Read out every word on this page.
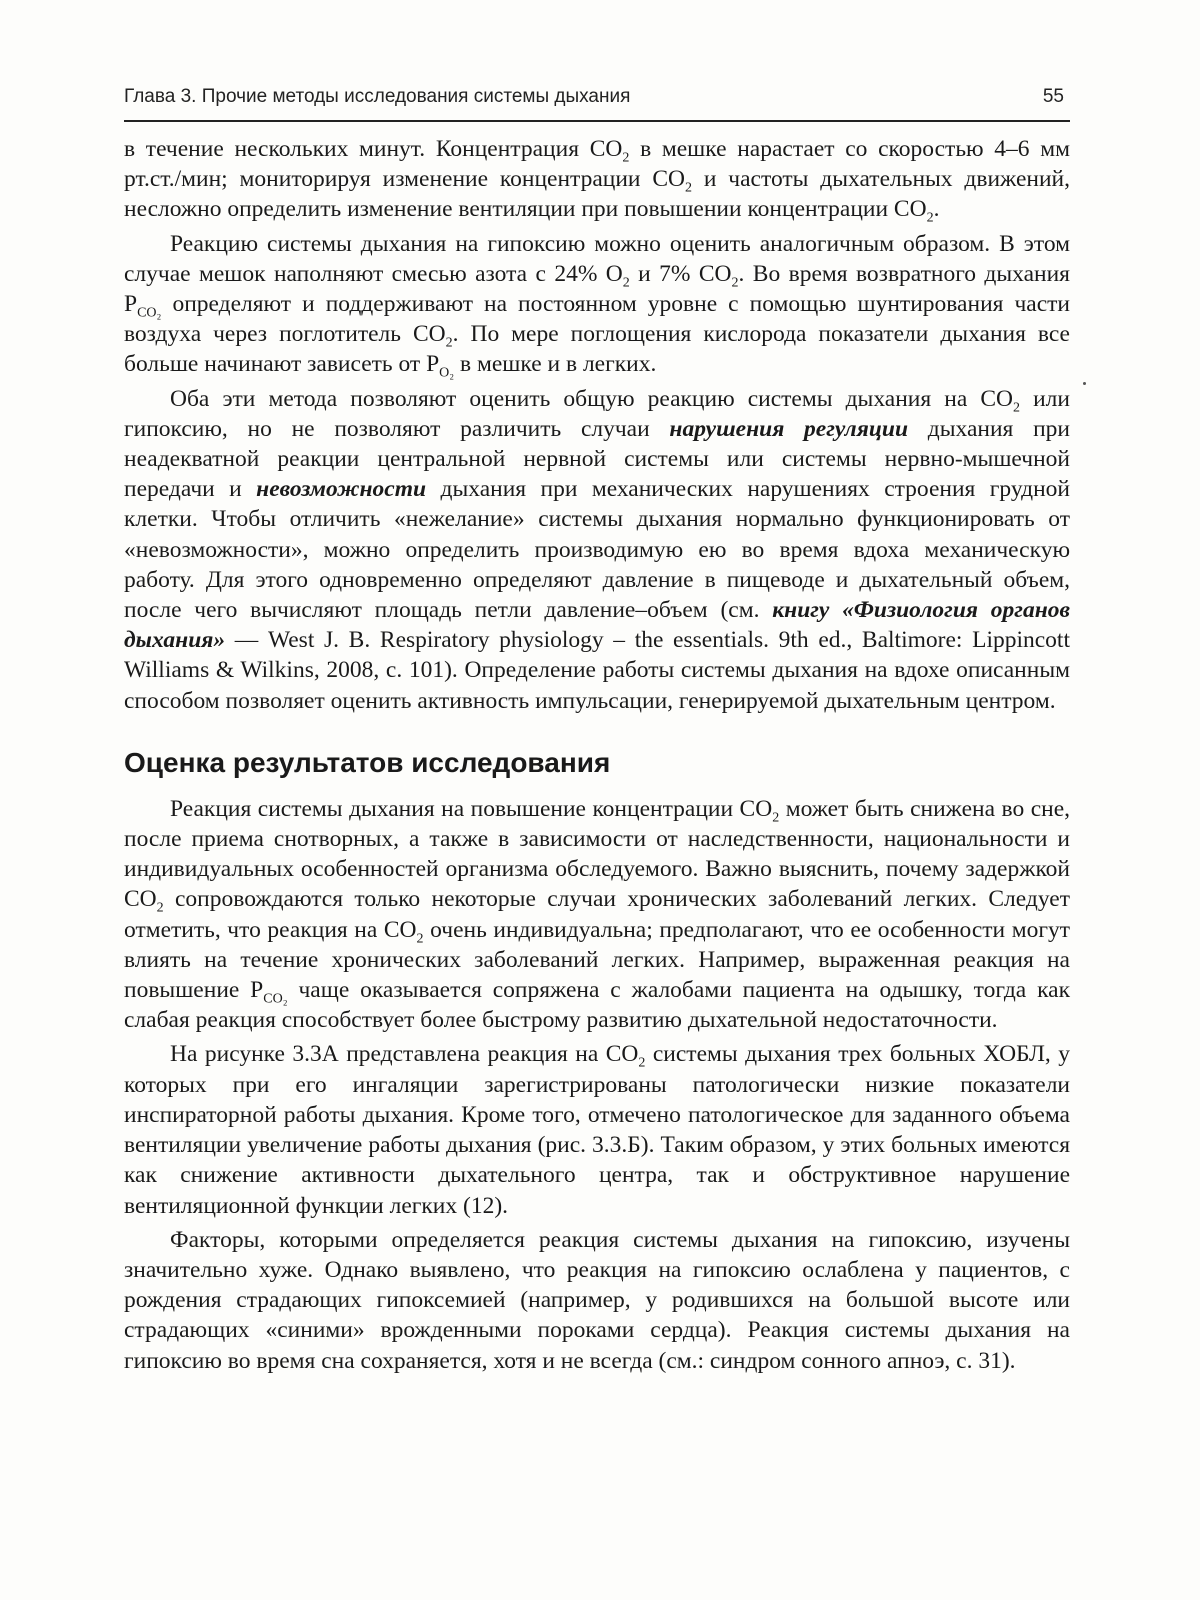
Глава 3. Прочие методы исследования системы дыхания	55

в течение нескольких минут. Концентрация $СО_2$ в мешке нарастает со скоростью 4–6 мм рт.ст./мин; мониторируя изменение концентрации $СО_2$ и частоты дыхательных движений, несложно определить изменение вентиляции при повышении концентрации $СО_2$.

Реакцию системы дыхания на гипоксию можно оценить аналогичным образом. В этом случае мешок наполняют смесью азота с 24% $О_2$ и 7% $СО_2$. Во время возвратного дыхания $Р_{CO_2}$ определяют и поддерживают на постоянном уровне с помощью шунтирования части воздуха через поглотитель $СО_2$. По мере поглощения кислорода показатели дыхания все больше начинают зависеть от $Р_{O_2}$ в мешке и в легких.

Оба эти метода позволяют оценить общую реакцию системы дыхания на $СО_2$ или гипоксию, но не позволяют различить случаи нарушения регуляции дыхания при неадекватной реакции центральной нервной системы или системы нервно-мышечной передачи и невозможности дыхания при механических нарушениях строения грудной клетки. Чтобы отличить «нежелание» системы дыхания нормально функционировать от «невозможности», можно определить производимую ею во время вдоха механическую работу. Для этого одновременно определяют давление в пищеводе и дыхательный объем, после чего вычисляют площадь петли давление–объем (см. книгу «Физиология органов дыхания» — West J. B. Respiratory physiology – the essentials. 9th ed., Baltimore: Lippincott Williams & Wilkins, 2008, с. 101). Определение работы системы дыхания на вдохе описанным способом позволяет оценить активность импульсации, генерируемой дыхательным центром.

Оценка результатов исследования

Реакция системы дыхания на повышение концентрации $СО_2$ может быть снижена во сне, после приема снотворных, а также в зависимости от наследственности, национальности и индивидуальных особенностей организма обследуемого. Важно выяснить, почему задержкой $СО_2$ сопровождаются только некоторые случаи хронических заболеваний легких. Следует отметить, что реакция на $СО_2$ очень индивидуальна; предполагают, что ее особенности могут влиять на течение хронических заболеваний легких. Например, выраженная реакция на повышение $Р_{CO_2}$ чаще оказывается сопряжена с жалобами пациента на одышку, тогда как слабая реакция способствует более быстрому развитию дыхательной недостаточности.

На рисунке 3.3А представлена реакция на $СО_2$ системы дыхания трех больных ХОБЛ, у которых при его ингаляции зарегистрированы патологически низкие показатели инспираторной работы дыхания. Кроме того, отмечено патологическое для заданного объема вентиляции увеличение работы дыхания (рис. 3.3.Б). Таким образом, у этих больных имеются как снижение активности дыхательного центра, так и обструктивное нарушение вентиляционной функции легких (12).

Факторы, которыми определяется реакция системы дыхания на гипоксию, изучены значительно хуже. Однако выявлено, что реакция на гипоксию ослаблена у пациентов, с рождения страдающих гипоксемией (например, у родившихся на большой высоте или страдающих «синими» врожденными пороками сердца). Реакция системы дыхания на гипоксию во время сна сохраняется, хотя и не всегда (см.: синдром сонного апноэ, с. 31).
